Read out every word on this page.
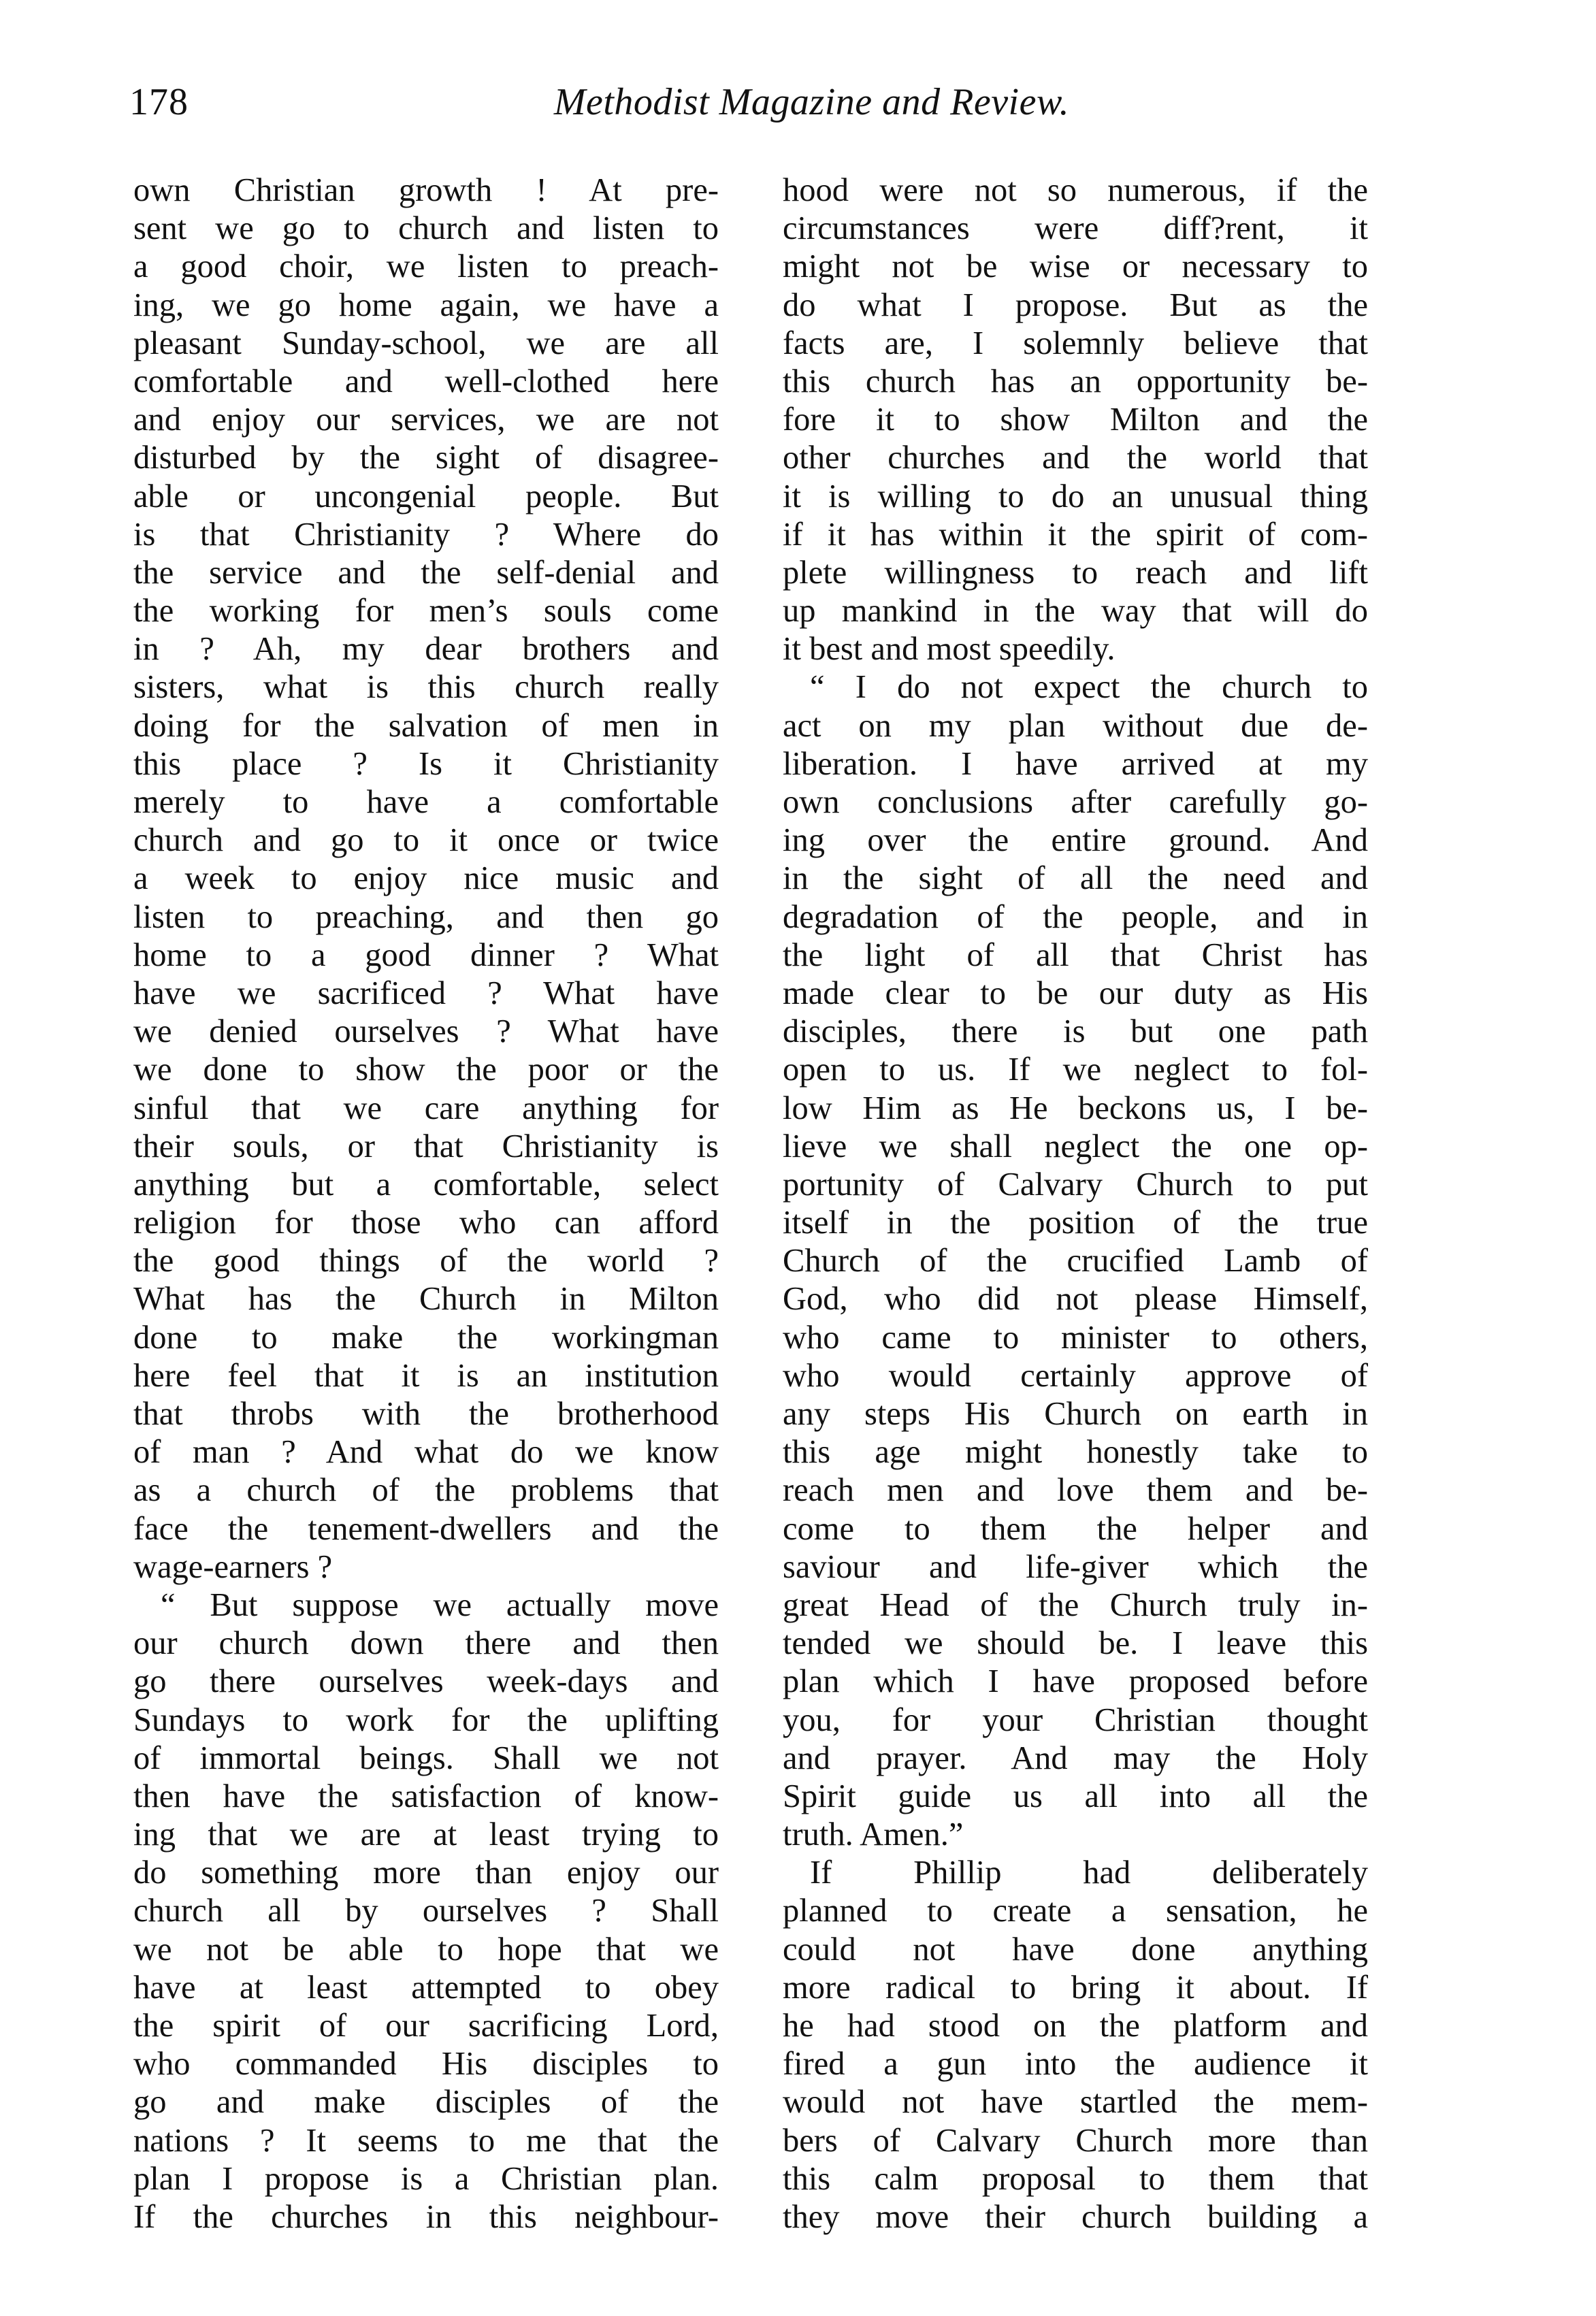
178	Methodist Magazine and Review.
own Christian growth ! At pre-
sent we go to church and listen to
a good choir, we listen to preach-
ing, we go home again, we have a
pleasant Sunday-school, we are all
comfortable and well-clothed here
and enjoy our services, we are not
disturbed by the sight of disagree-
able or uncongenial people. But
is that Christianity ? Where do
the service and the self-denial and
the working for men’s souls come
in ? Ah, my dear brothers and
sisters, what is this church really
doing for the salvation of men in
this place ? Is it Christianity
merely to have a comfortable
church and go to it once or twice
a week to enjoy nice music and
listen to preaching, and then go
home to a good dinner ? What
have we sacrificed ? What have
we denied ourselves ? What have
we done to show the poor or the
sinful that we care anything for
their souls, or that Christianity is
anything but a comfortable, select
religion for those who can afford
the good things of the world ?
What has the Church in Milton
done to make the workingman
here feel that it is an institution
that throbs with the brotherhood
of man ? And what do we know
as a church of the problems that
face the tenement-dwellers and the
wage-earners ?
“ But suppose we actually move
our church down there and then
go there ourselves week-days and
Sundays to work for the uplifting
of immortal beings. Shall we not
then have the satisfaction of know-
ing that we are at least trying to
do something more than enjoy our
church all by ourselves ? Shall
we not be able to hope that we
have at least attempted to obey
the spirit of our sacrificing Lord,
who commanded His disciples to
go and make disciples of the
nations ? It seems to me that the
plan I propose is a Christian plan.
If the churches in this neighbour-
hood were not so numerous, if the
circumstances were diff?rent, it
might not be wise or necessary to
do what I propose. But as the
facts are, I solemnly believe that
this church has an opportunity be-
fore it to show Milton and the
other churches and the world that
it is willing to do an unusual thing
if it has within it the spirit of com-
plete willingness to reach and lift
up mankind in the way that will do
it best and most speedily.
“ I do not expect the church to
act on my plan without due de-
liberation. I have arrived at my
own conclusions after carefully go-
ing over the entire ground. And
in the sight of all the need and
degradation of the people, and in
the light of all that Christ has
made clear to be our duty as His
disciples, there is but one path
open to us. If we neglect to fol-
low Him as He beckons us, I be-
lieve we shall neglect the one op-
portunity of Calvary Church to put
itself in the position of the true
Church of the crucified Lamb of
God, who did not please Himself,
who came to minister to others,
who would certainly approve of
any steps His Church on earth in
this age might honestly take to
reach men and love them and be-
come to them the helper and
saviour and life-giver which the
great Head of the Church truly in-
tended we should be. I leave this
plan which I have proposed before
you, for your Christian thought
and prayer. And may the Holy
Spirit guide us all into all the
truth. Amen.”
If Phillip had deliberately
planned to create a sensation, he
could not have done anything
more radical to bring it about. If
he had stood on the platform and
fired a gun into the audience it
would not have startled the mem-
bers of Calvary Church more than
this calm proposal to them that
they move their church building a
